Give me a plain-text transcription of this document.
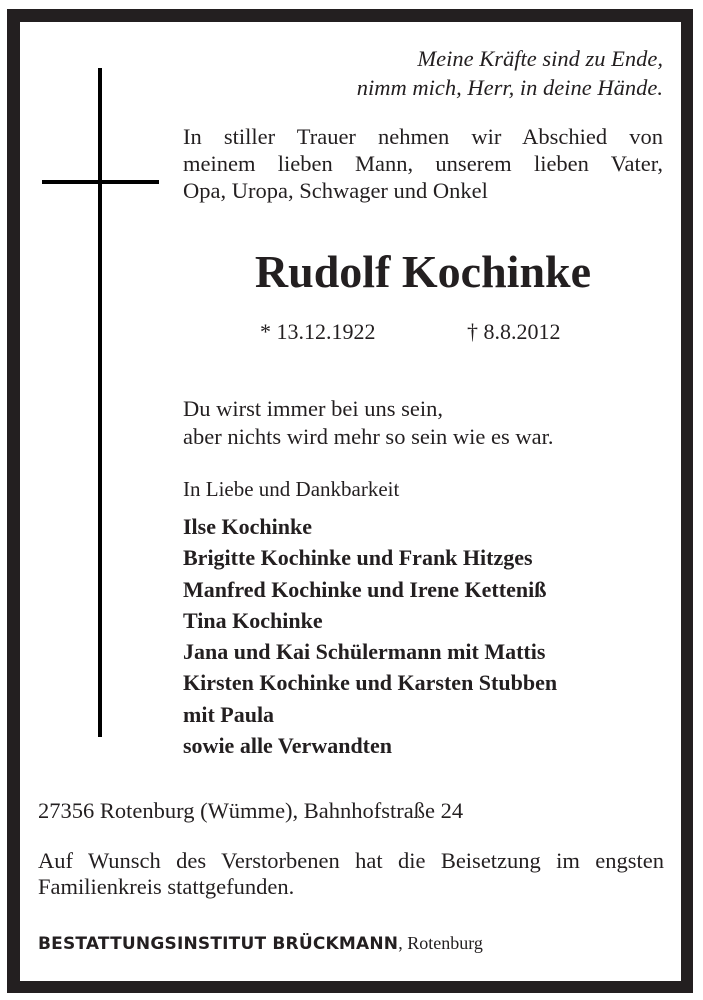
Meine Kräfte sind zu Ende,
nimm mich, Herr, in deine Hände.
In stiller Trauer nehmen wir Abschied von
meinem lieben Mann, unserem lieben Vater,
Opa, Uropa, Schwager und Onkel
Rudolf Kochinke
* 13.12.1922	† 8.8.2012
Du wirst immer bei uns sein,
aber nichts wird mehr so sein wie es war.
In Liebe und Dankbarkeit
Ilse Kochinke
Brigitte Kochinke und Frank Hitzges
Manfred Kochinke und Irene Ketteniß
Tina Kochinke
Jana und Kai Schülermann mit Mattis
Kirsten Kochinke und Karsten Stubben
mit Paula
sowie alle Verwandten
27356 Rotenburg (Wümme), Bahnhofstraße 24
Auf Wunsch des Verstorbenen hat die Beisetzung im engsten
Familienkreis stattgefunden.
BESTATTUNGSINSTITUT BRÜCKMANN, Rotenburg
